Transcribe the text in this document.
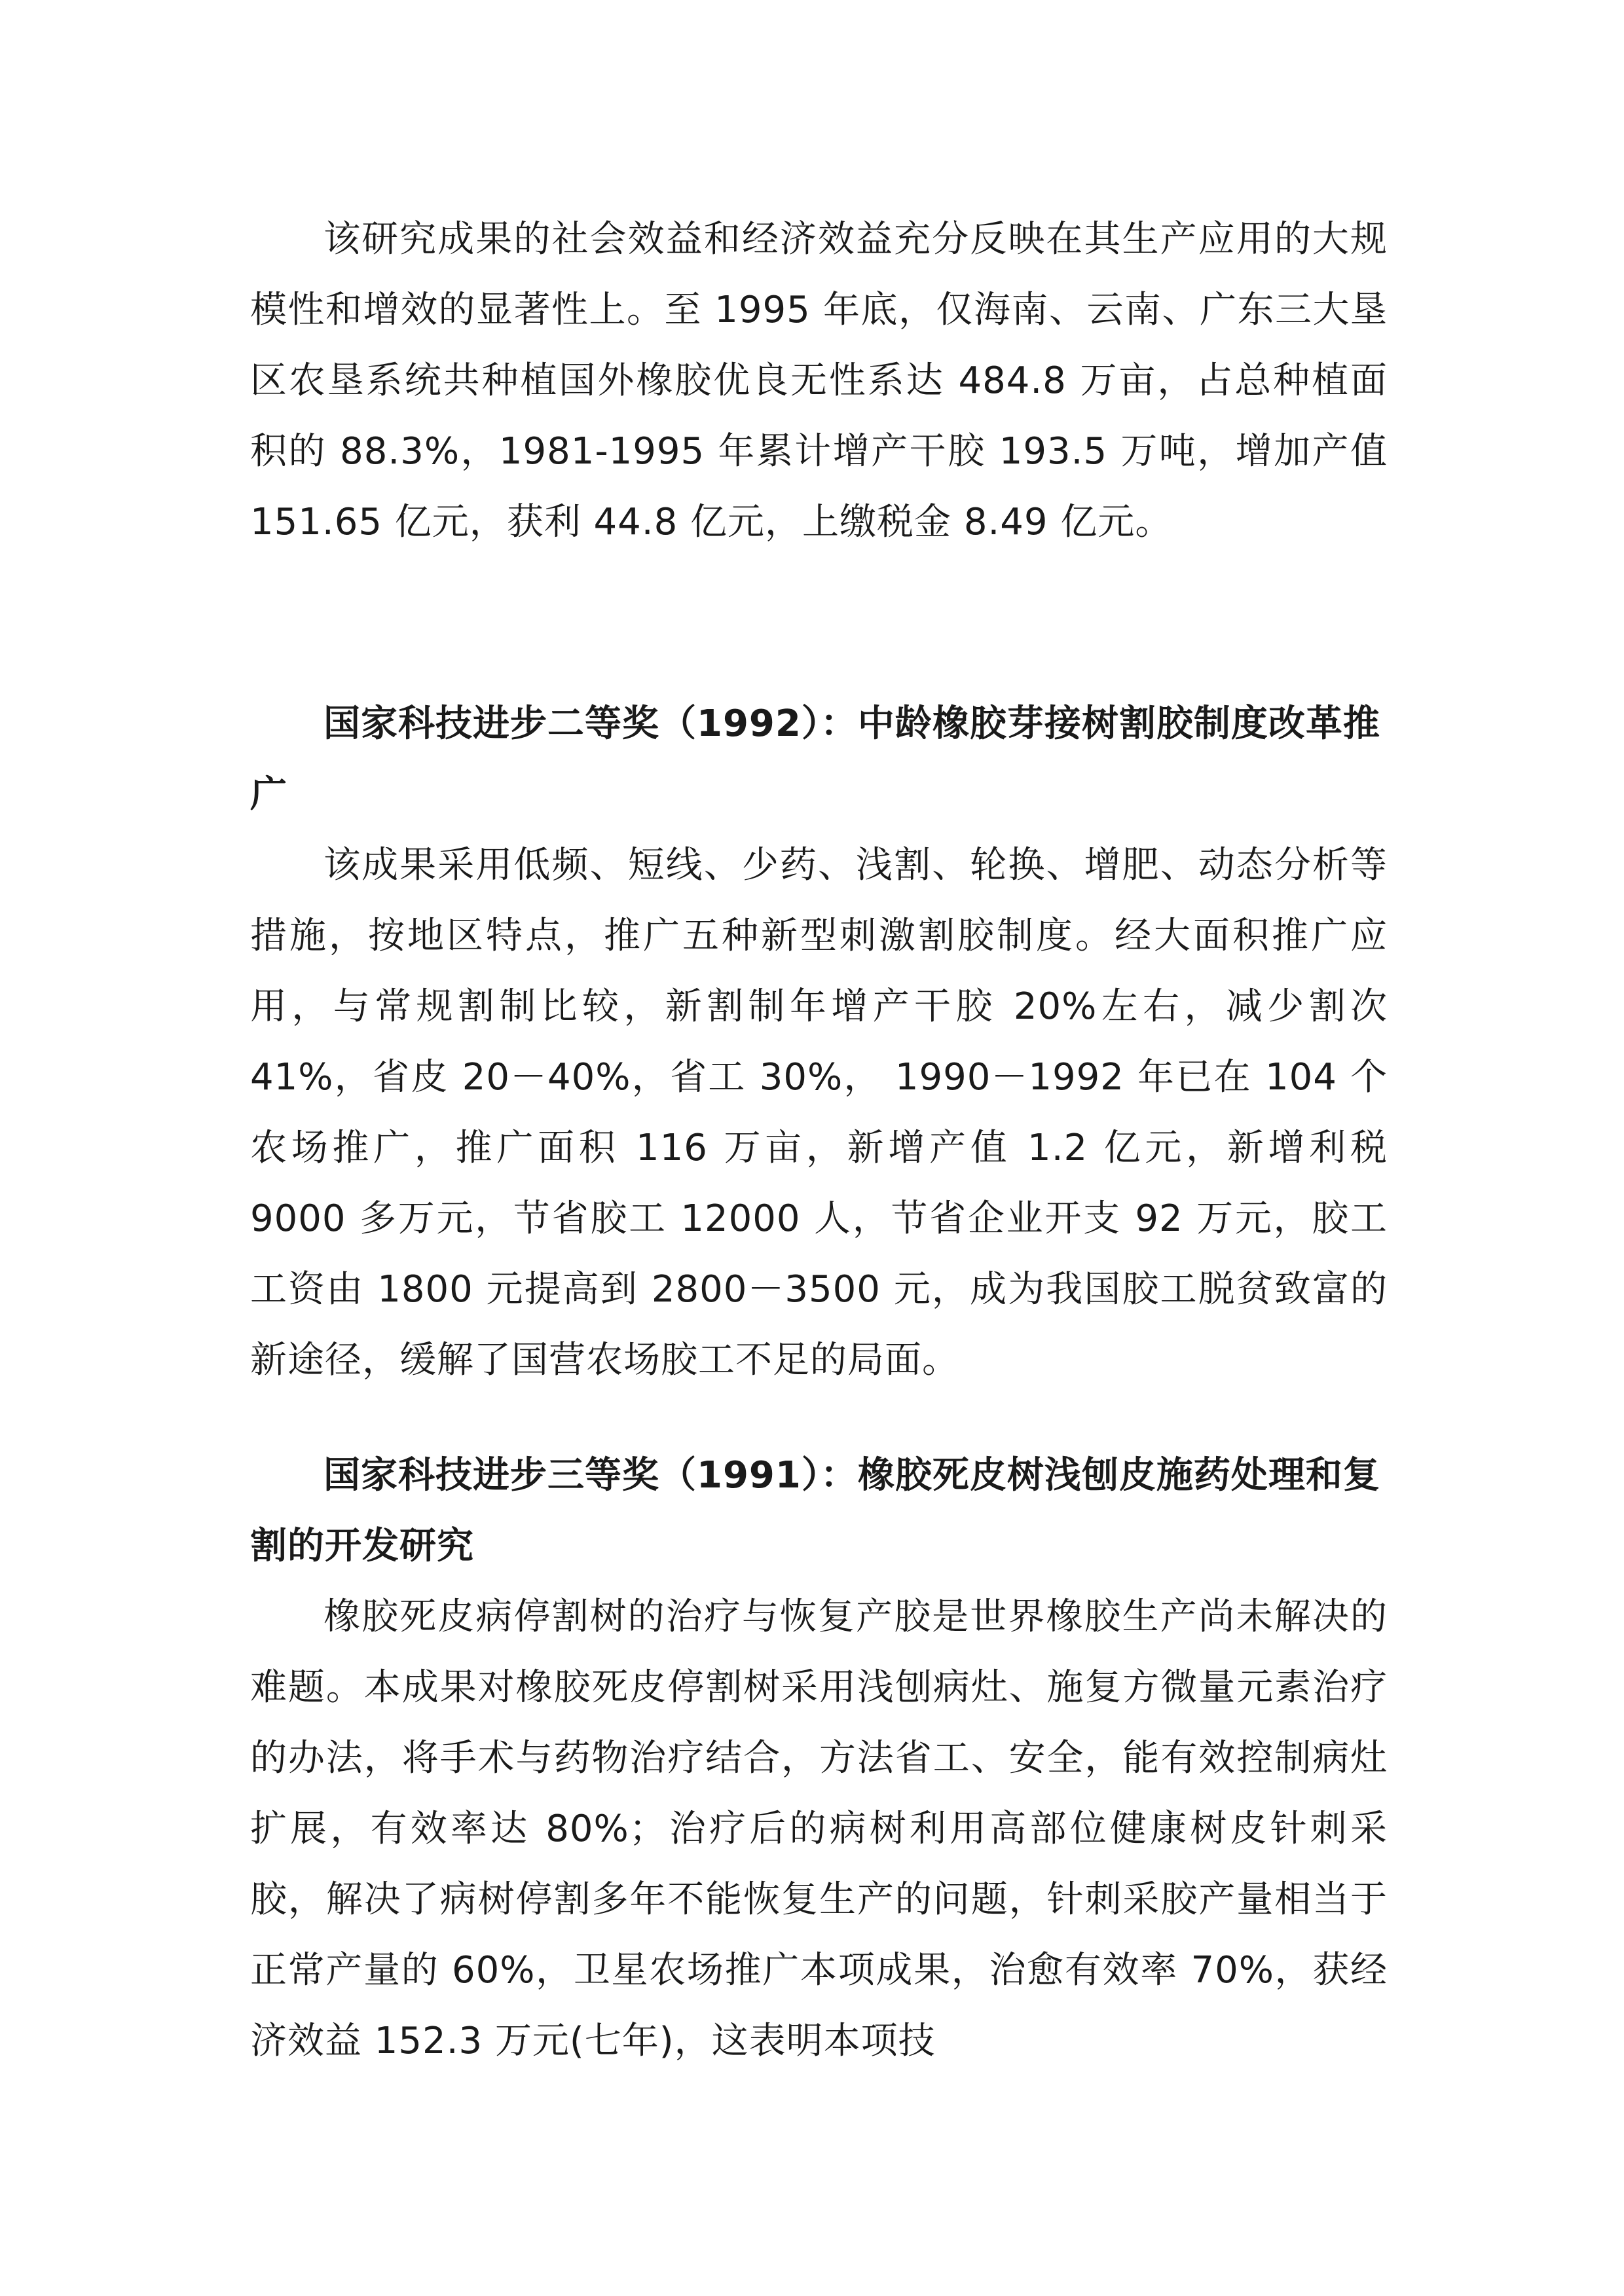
该研究成果的社会效益和经济效益充分反映在其生产应用的大规模性和增效的显著性上。至 1995 年底，仅海南、云南、广东三大垦区农垦系统共种植国外橡胶优良无性系达 484.8 万亩，占总种植面积的 88.3%，1981-1995 年累计增产干胶 193.5 万吨，增加产值 151.65 亿元，获利 44.8 亿元，上缴税金 8.49 亿元。

国家科技进步二等奖（1992）：中龄橡胶芽接树割胶制度改革推广

该成果采用低频、短线、少药、浅割、轮换、增肥、动态分析等措施，按地区特点，推广五种新型刺激割胶制度。经大面积推广应用，与常规割制比较，新割制年增产干胶 20%左右，减少割次 41%，省皮 20－40%，省工 30%， 1990－1992 年已在 104 个农场推广，推广面积 116 万亩，新增产值 1.2 亿元，新增利税 9000 多万元，节省胶工 12000 人，节省企业开支 92 万元，胶工工资由 1800 元提高到 2800－3500 元，成为我国胶工脱贫致富的新途径，缓解了国营农场胶工不足的局面。

国家科技进步三等奖（1991）：橡胶死皮树浅刨皮施药处理和复割的开发研究

橡胶死皮病停割树的治疗与恢复产胶是世界橡胶生产尚未解决的难题。本成果对橡胶死皮停割树采用浅刨病灶、施复方微量元素治疗的办法，将手术与药物治疗结合，方法省工、安全，能有效控制病灶扩展，有效率达 80%；治疗后的病树利用高部位健康树皮针刺采胶，解决了病树停割多年不能恢复生产的问题，针刺采胶产量相当于正常产量的 60%，卫星农场推广本项成果，治愈有效率 70%，获经济效益 152.3 万元(七年)，这表明本项技
